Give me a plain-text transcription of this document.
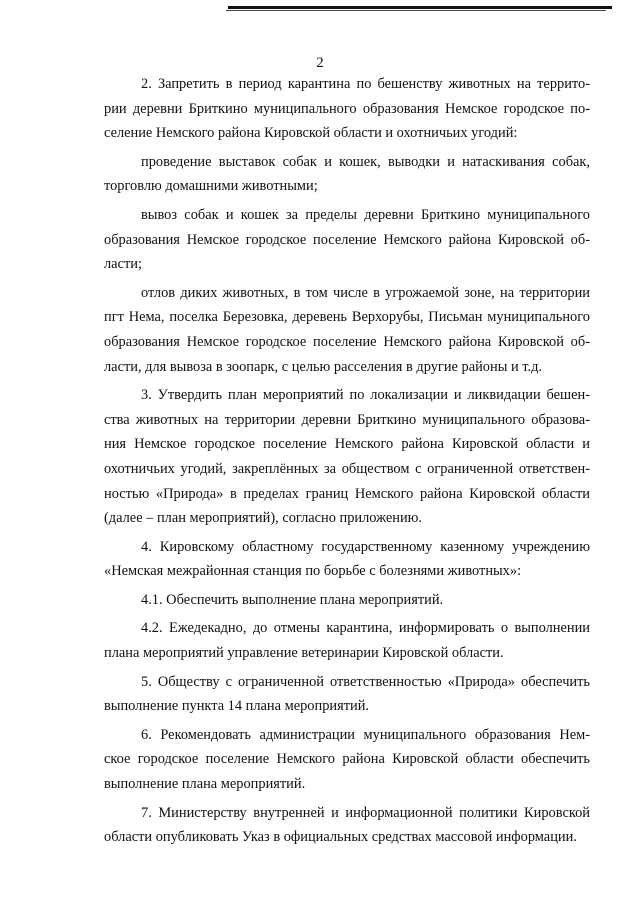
2
2. Запретить в период карантина по бешенству животных на террито-
рии деревни Бриткино муниципального образования Немское городское по-
селение Немского района Кировской области и охотничьих угодий:
проведение выставок собак и кошек, выводки и натаскивания собак,
торговлю домашними животными;
вывоз собак и кошек за пределы деревни Бриткино муниципального
образования Немское городское поселение Немского района Кировской об-
ласти;
отлов диких животных, в том числе в угрожаемой зоне, на территории
пгт Нема, поселка Березовка, деревень Верхорубы, Письман муниципального
образования Немское городское поселение Немского района Кировской об-
ласти, для вывоза в зоопарк, с целью расселения в другие районы и т.д.
3. Утвердить план мероприятий по локализации и ликвидации бешен-
ства животных на территории деревни Бриткино муниципального образова-
ния Немское городское поселение Немского района Кировской области и
охотничьих угодий, закреплённых за обществом с ограниченной ответствен-
ностью «Природа» в пределах границ Немского района Кировской области
(далее – план мероприятий), согласно приложению.
4. Кировскому областному государственному казенному учреждению
«Немская межрайонная станция по борьбе с болезнями животных»:
4.1. Обеспечить выполнение плана мероприятий.
4.2. Ежедекадно, до отмены карантина, информировать о выполнении
плана мероприятий управление ветеринарии Кировской области.
5. Обществу с ограниченной ответственностью «Природа» обеспечить
выполнение пункта 14 плана мероприятий.
6. Рекомендовать администрации муниципального образования Нем-
ское городское поселение Немского района Кировской области обеспечить
выполнение плана мероприятий.
7. Министерству внутренней и информационной политики Кировской
области опубликовать Указ в официальных средствах массовой информации.
